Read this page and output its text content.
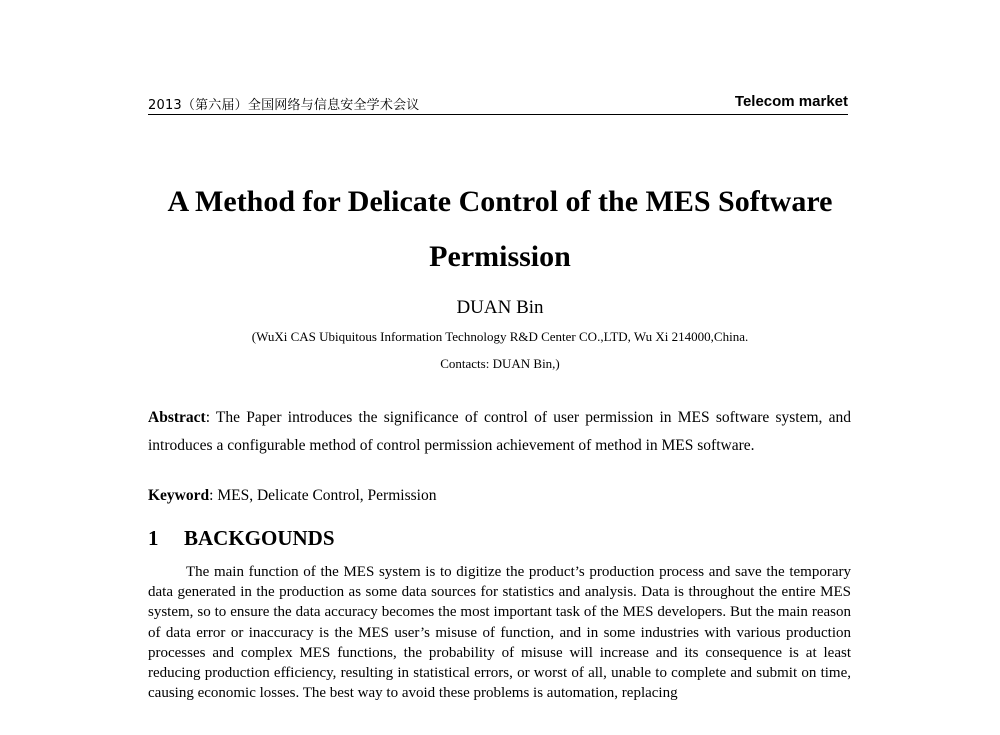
2013（第六届）全国网络与信息安全学术会议	Telecom market
A Method for Delicate Control of the MES Software
Permission
DUAN Bin
(WuXi CAS Ubiquitous Information Technology R&D Center CO.,LTD, Wu Xi 214000,China.
Contacts: DUAN Bin,)

Abstract: The Paper introduces the significance of control of user permission in MES software system, and introduces a configurable method of control permission achievement of method in MES software.

Keyword: MES, Delicate Control, Permission
1 BACKGOUNDS

The main function of the MES system is to digitize the product’s production process and save the temporary data generated in the production as some data sources for statistics and analysis. Data is throughout the entire MES system, so to ensure the data accuracy becomes the most important task of the MES developers. But the main reason of data error or inaccuracy is the MES user’s misuse of function, and in some industries with various production processes and complex MES functions, the probability of misuse will increase and its consequence is at least reducing production efficiency, resulting in statistical errors, or worst of all, unable to complete and submit on time, causing economic losses. The best way to avoid these problems is automation, replacing
